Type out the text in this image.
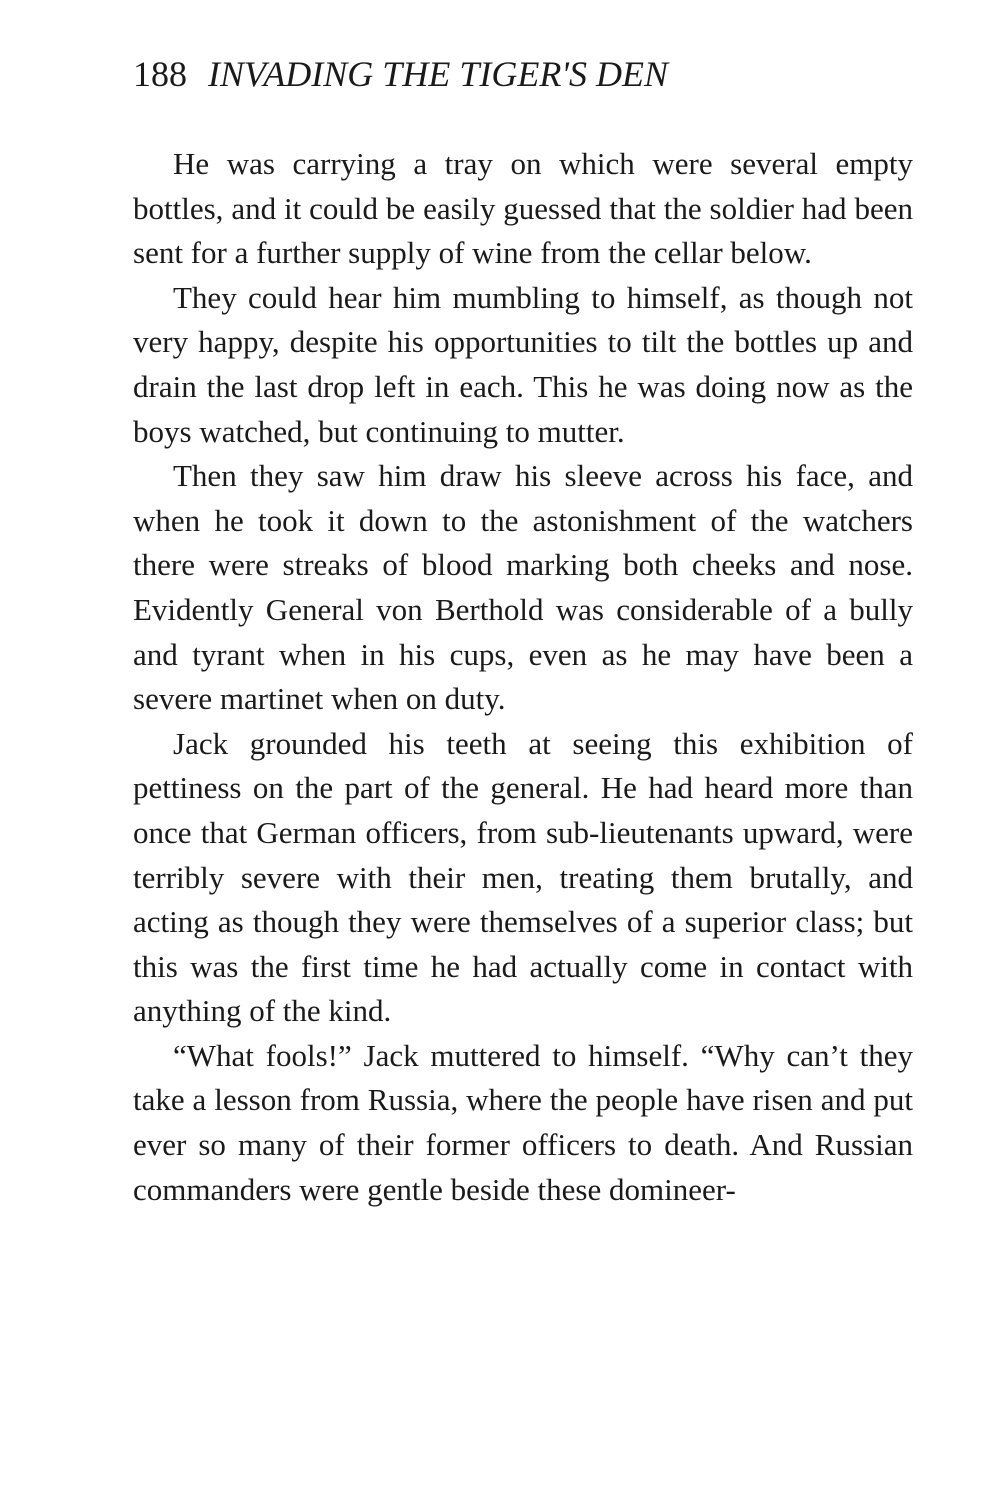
188 INVADING THE TIGER'S DEN

He was carrying a tray on which were several empty bottles, and it could be easily guessed that the soldier had been sent for a further supply of wine from the cellar below.

They could hear him mumbling to himself, as though not very happy, despite his opportunities to tilt the bottles up and drain the last drop left in each. This he was doing now as the boys watched, but continuing to mutter.

Then they saw him draw his sleeve across his face, and when he took it down to the astonishment of the watchers there were streaks of blood marking both cheeks and nose. Evidently General von Berthold was considerable of a bully and tyrant when in his cups, even as he may have been a severe martinet when on duty.

Jack grounded his teeth at seeing this exhibition of pettiness on the part of the general. He had heard more than once that German officers, from sub-lieutenants upward, were terribly severe with their men, treating them brutally, and acting as though they were themselves of a superior class; but this was the first time he had actually come in contact with anything of the kind.

“What fools!” Jack muttered to himself. “Why can’t they take a lesson from Russia, where the people have risen and put ever so many of their former officers to death. And Russian commanders were gentle beside these domineer-
